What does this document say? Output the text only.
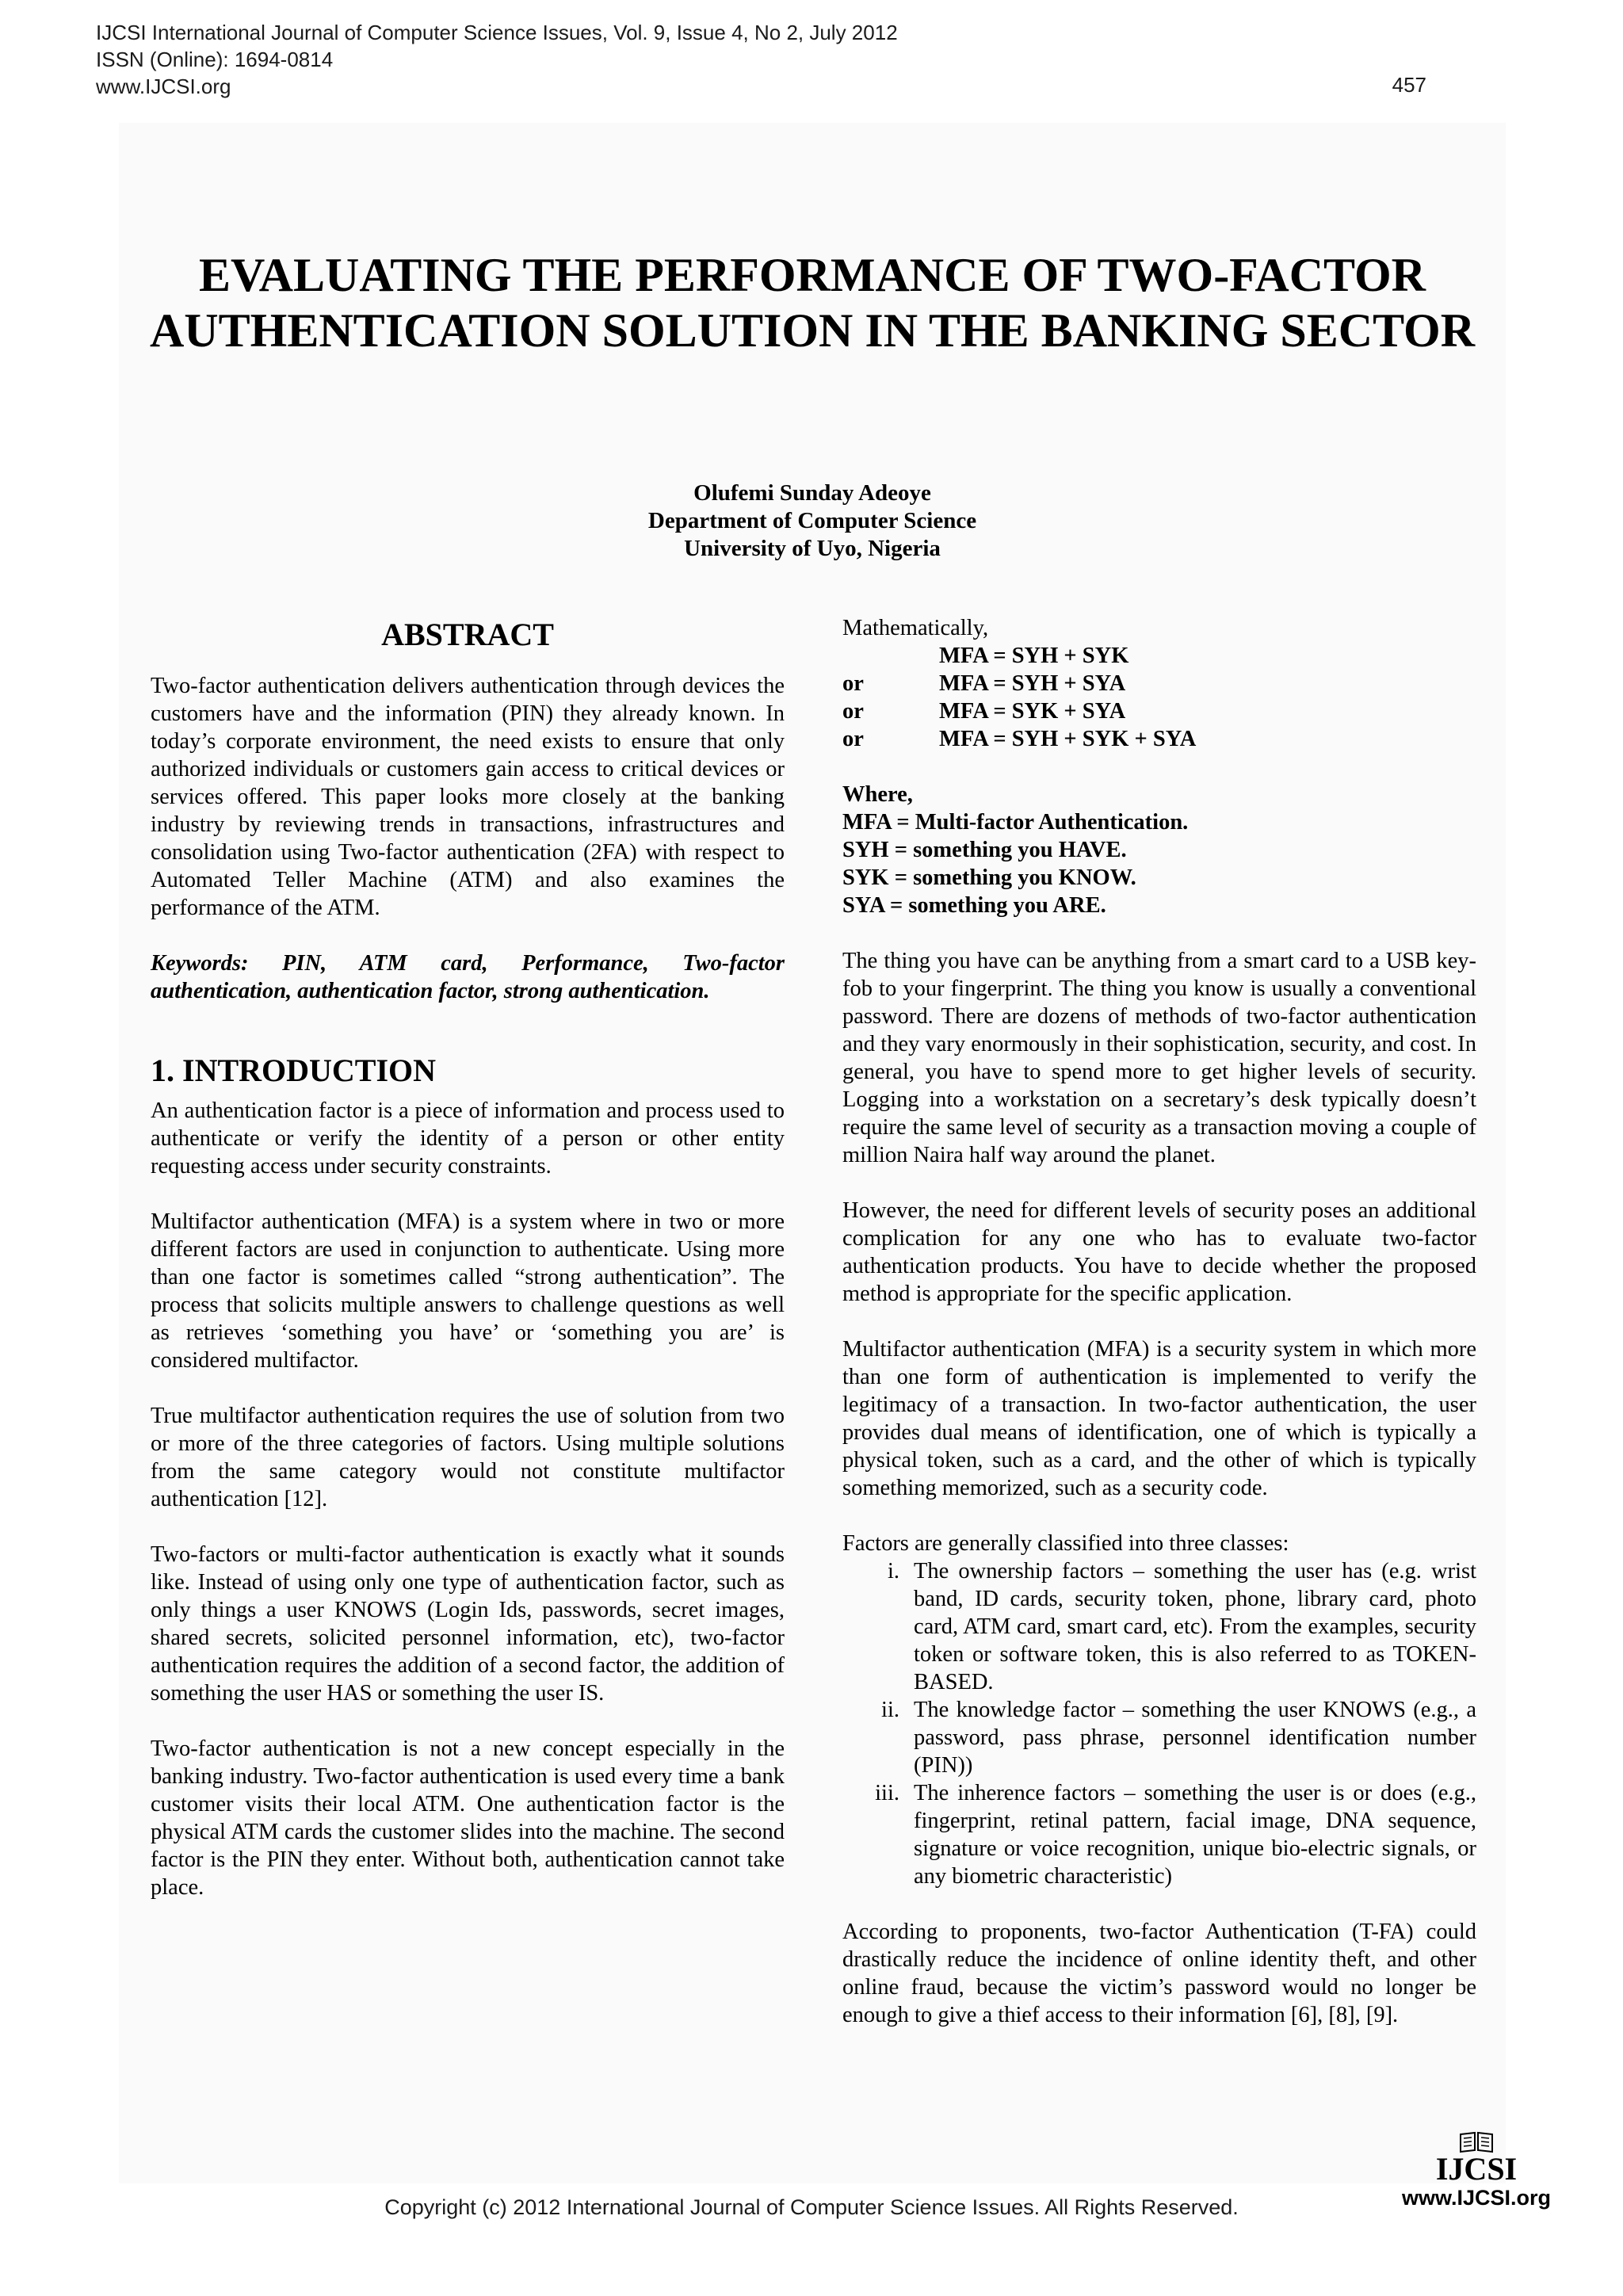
IJCSI International Journal of Computer Science Issues, Vol. 9, Issue 4, No 2, July 2012
ISSN (Online): 1694-0814
www.IJCSI.org	457
EVALUATING THE PERFORMANCE OF TWO-FACTOR AUTHENTICATION SOLUTION IN THE BANKING SECTOR
Olufemi Sunday Adeoye
Department of Computer Science
University of Uyo, Nigeria
ABSTRACT

Two-factor authentication delivers authentication through devices the customers have and the information (PIN) they already known. In today’s corporate environment, the need exists to ensure that only authorized individuals or customers gain access to critical devices or services offered. This paper looks more closely at the banking industry by reviewing trends in transactions, infrastructures and consolidation using Two-factor authentication (2FA) with respect to Automated Teller Machine (ATM) and also examines the performance of the ATM.

Keywords: PIN, ATM card, Performance, Two-factor authentication, authentication factor, strong authentication.

1. INTRODUCTION

An authentication factor is a piece of information and process used to authenticate or verify the identity of a person or other entity requesting access under security constraints.

Multifactor authentication (MFA) is a system where in two or more different factors are used in conjunction to authenticate. Using more than one factor is sometimes called “strong authentication”. The process that solicits multiple answers to challenge questions as well as retrieves ‘something you have’ or ‘something you are’ is considered multifactor.

True multifactor authentication requires the use of solution from two or more of the three categories of factors. Using multiple solutions from the same category would not constitute multifactor authentication [12].

Two-factors or multi-factor authentication is exactly what it sounds like. Instead of using only one type of authentication factor, such as only things a user KNOWS (Login Ids, passwords, secret images, shared secrets, solicited personnel information, etc), two-factor authentication requires the addition of a second factor, the addition of something the user HAS or something the user IS.

Two-factor authentication is not a new concept especially in the banking industry. Two-factor authentication is used every time a bank customer visits their local ATM. One authentication factor is the physical ATM cards the customer slides into the machine. The second factor is the PIN they enter. Without both, authentication cannot take place.

Mathematically,

	MFA = SYH + SYK
or	MFA = SYH + SYA
or	MFA = SYK + SYA
or	MFA = SYH + SYK + SYA
Where,
MFA = Multi-factor Authentication.
SYH = something you HAVE.
SYK = something you KNOW.
SYA = something you ARE.

The thing you have can be anything from a smart card to a USB key-fob to your fingerprint. The thing you know is usually a conventional password. There are dozens of methods of two-factor authentication and they vary enormously in their sophistication, security, and cost. In general, you have to spend more to get higher levels of security. Logging into a workstation on a secretary’s desk typically doesn’t require the same level of security as a transaction moving a couple of million Naira half way around the planet.

However, the need for different levels of security poses an additional complication for any one who has to evaluate two-factor authentication products. You have to decide whether the proposed method is appropriate for the specific application.

Multifactor authentication (MFA) is a security system in which more than one form of authentication is implemented to verify the legitimacy of a transaction. In two-factor authentication, the user provides dual means of identification, one of which is typically a physical token, such as a card, and the other of which is typically something memorized, such as a security code.

Factors are generally classified into three classes:

i. The ownership factors – something the user has (e.g. wrist band, ID cards, security token, phone, library card, photo card, ATM card, smart card, etc). From the examples, security token or software token, this is also referred to as TOKEN-BASED.
ii. The knowledge factor – something the user KNOWS (e.g., a password, pass phrase, personnel identification number (PIN))
iii. The inherence factors – something the user is or does (e.g., fingerprint, retinal pattern, facial image, DNA sequence, signature or voice recognition, unique bio-electric signals, or any biometric characteristic)

According to proponents, two-factor Authentication (T-FA) could drastically reduce the incidence of online identity theft, and other online fraud, because the victim’s password would no longer be enough to give a thief access to their information [6], [8], [9].

Copyright (c) 2012 International Journal of Computer Science Issues. All Rights Reserved.
IJCSI
www.IJCSI.org
